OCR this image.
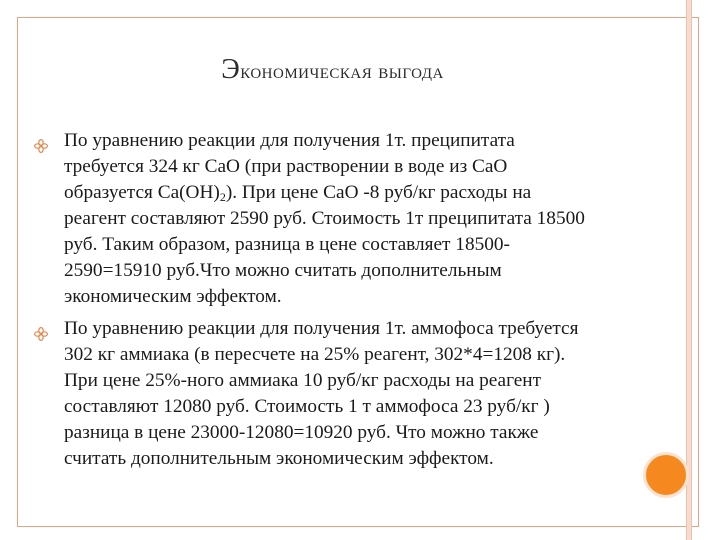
Экономическая выгода
По уравнению реакции для получения 1т. преципитата требуется 324 кг CaO (при растворении в воде из CaO образуется $Ca(OH)_2$). При цене CaO -8 руб/кг расходы на реагент составляют 2590 руб. Стоимость 1т преципитата 18500 руб. Таким образом, разница в цене составляет 18500-2590=15910 руб.Что можно считать дополнительным экономическим эффектом.
По уравнению реакции для получения 1т. аммофоса требуется 302 кг аммиака (в пересчете на 25% реагент, 302*4=1208 кг). При цене 25%-ного аммиака 10 руб/кг расходы на реагент составляют 12080 руб. Стоимость 1 т аммофоса 23 руб/кг ) разница в цене 23000-12080=10920 руб. Что можно также считать дополнительным экономическим эффектом.
